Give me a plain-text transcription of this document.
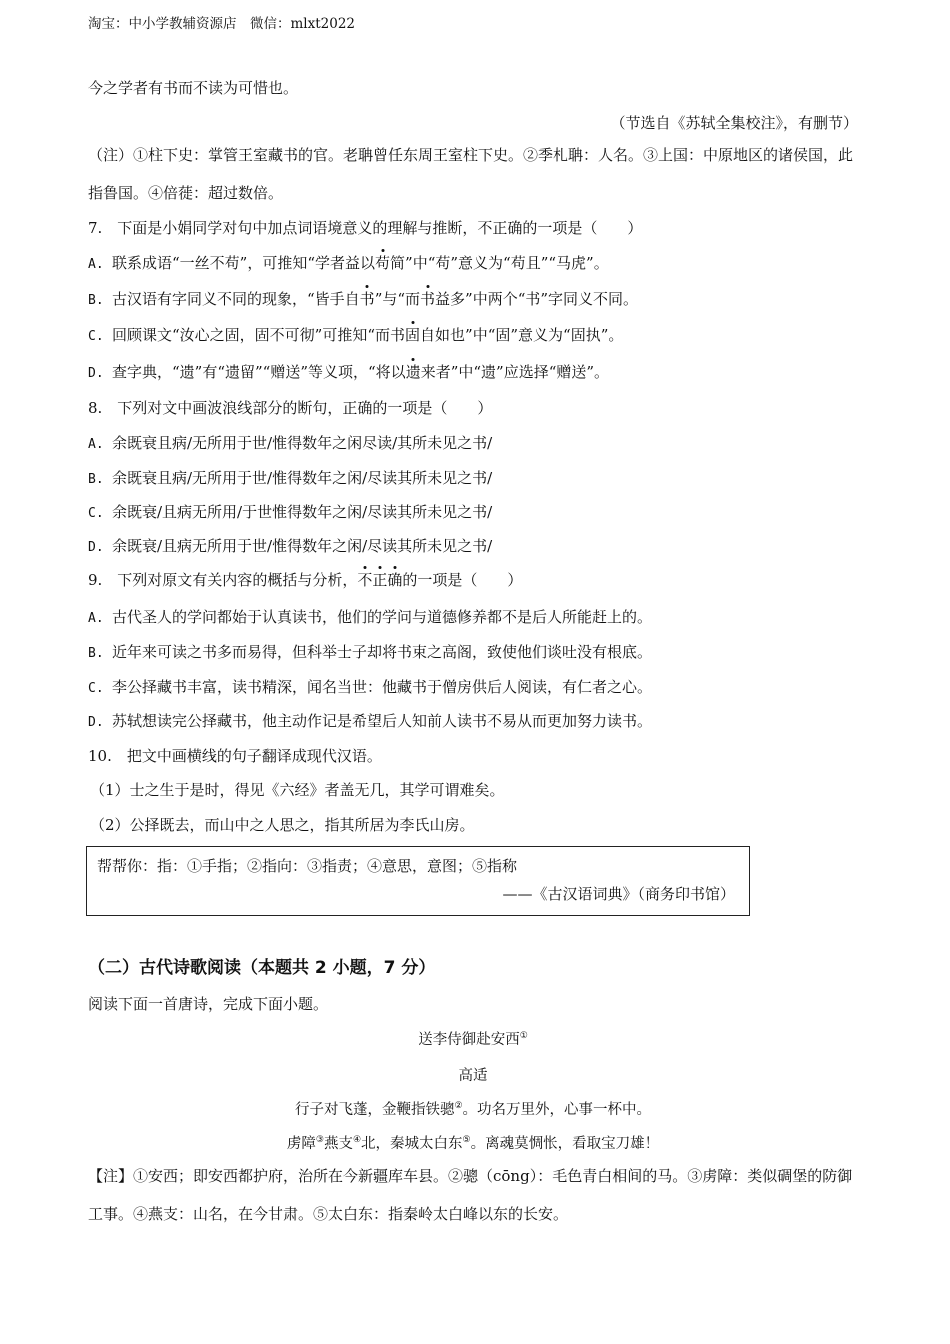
淘宝：中小学教辅资源店　微信：mlxt2022
今之学者有书而不读为可惜也。
（节选自《苏轼全集校注》，有删节）
（注）①柱下史：掌管王室藏书的官。老聃曾任东周王室柱下史。②季札聃：人名。③上国：中原地区的诸侯国，此指鲁国。④倍蓰：超过数倍。
7.　下面是小娟同学对句中加点词语境意义的理解与推断，不正确的一项是（　　）
A. 联系成语“一丝不苟”，可推知“学者益以苟简”中“苟”意义为“苟且”“马虎”。
B. 古汉语有字同义不同的现象，“皆手自书”与“而书益多”中两个“书”字同义不同。
C. 回顾课文“汝心之固，固不可彻”可推知“而书固自如也”中“固”意义为“固执”。
D. 查字典，“遗”有“遗留”“赠送”等义项，“将以遗来者”中“遗”应选择“赠送”。
8.　下列对文中画波浪线部分的断句，正确的一项是（　　）
A. 余既衰且病/无所用于世/惟得数年之闲尽读/其所未见之书/
B. 余既衰且病/无所用于世/惟得数年之闲/尽读其所未见之书/
C. 余既衰/且病无所用/于世惟得数年之闲/尽读其所未见之书/
D. 余既衰/且病无所用于世/惟得数年之闲/尽读其所未见之书/
9.　下列对原文有关内容的概括与分析，不正确的一项是（　　）
A. 古代圣人的学问都始于认真读书，他们的学问与道德修养都不是后人所能赶上的。
B. 近年来可读之书多而易得，但科举士子却将书束之高阁，致使他们谈吐没有根底。
C. 李公择藏书丰富，读书精深，闻名当世：他藏书于僧房供后人阅读，有仁者之心。
D. 苏轼想读完公择藏书，他主动作记是希望后人知前人读书不易从而更加努力读书。
10.　把文中画横线的句子翻译成现代汉语。
（1）士之生于是时，得见《六经》者盖无几，其学可谓难矣。
（2）公择既去，而山中之人思之，指其所居为李氏山房。
帮帮你：指：①手指；②指向：③指责；④意思，意图；⑤指称
——《古汉语词典》（商务印书馆）
（二）古代诗歌阅读（本题共 2 小题，7 分）
阅读下面一首唐诗，完成下面小题。
送李侍御赴安西①
高适
行子对飞蓬，金鞭指铁骢②。功名万里外，心事一杯中。
虏障③燕支④北，秦城太白东⑤。离魂莫惆怅，看取宝刀雄！
【注】①安西；即安西都护府，治所在今新疆库车县。②骢（cōng）：毛色青白相间的马。③虏障：类似碉堡的防御工事。④燕支：山名，在今甘肃。⑤太白东：指秦岭太白峰以东的长安。
